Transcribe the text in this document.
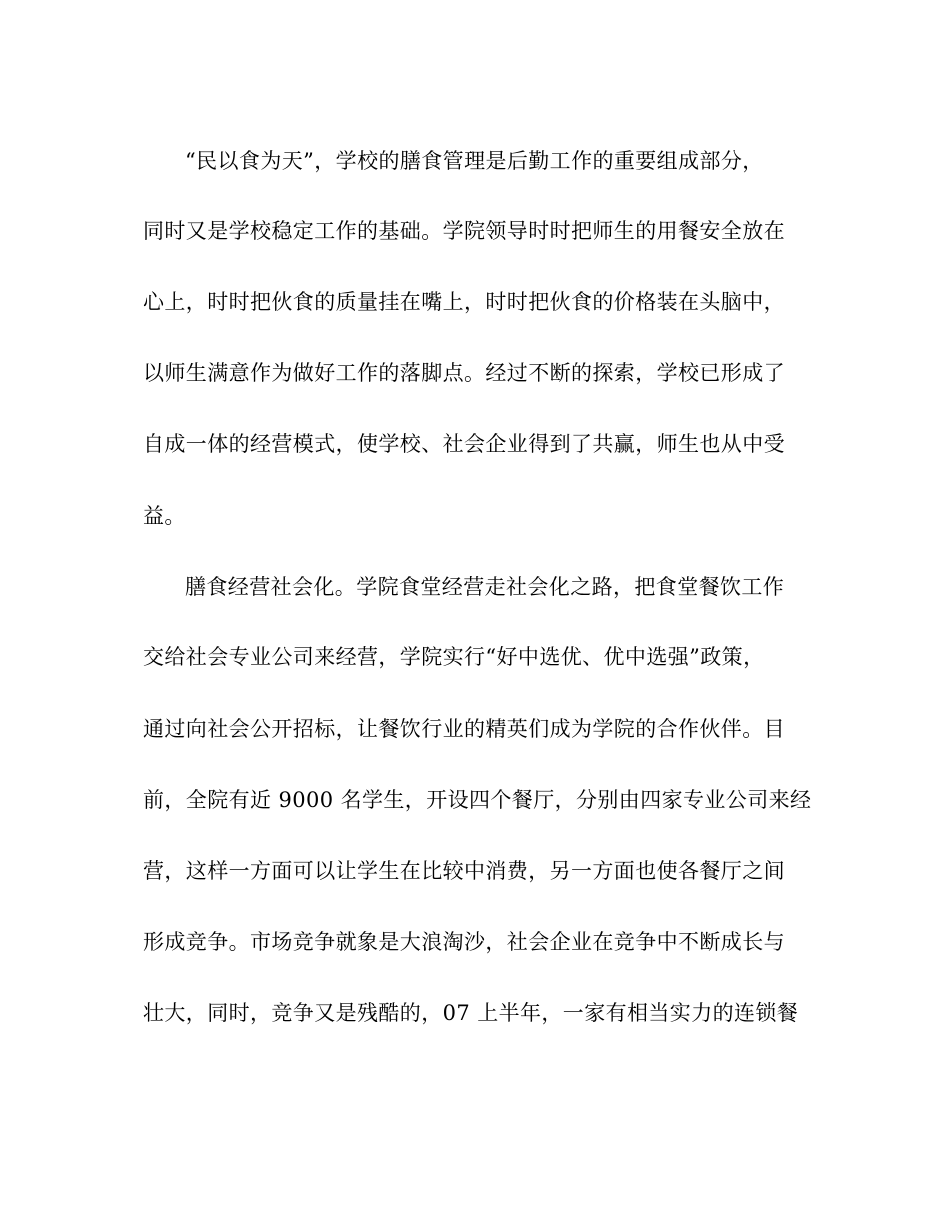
“民以食为天”，学校的膳食管理是后勤工作的重要组成部分，
同时又是学校稳定工作的基础。学院领导时时把师生的用餐安全放在
心上，时时把伙食的质量挂在嘴上，时时把伙食的价格装在头脑中，
以师生满意作为做好工作的落脚点。经过不断的探索，学校已形成了
自成一体的经营模式，使学校、社会企业得到了共赢，师生也从中受
益。
膳食经营社会化。学院食堂经营走社会化之路，把食堂餐饮工作
交给社会专业公司来经营，学院实行“好中选优、优中选强”政策，
通过向社会公开招标，让餐饮行业的精英们成为学院的合作伙伴。目
前，全院有近 9000 名学生，开设四个餐厅，分别由四家专业公司来经
营，这样一方面可以让学生在比较中消费，另一方面也使各餐厅之间
形成竞争。市场竞争就象是大浪淘沙，社会企业在竞争中不断成长与
壮大，同时，竞争又是残酷的，07 上半年，一家有相当实力的连锁餐
